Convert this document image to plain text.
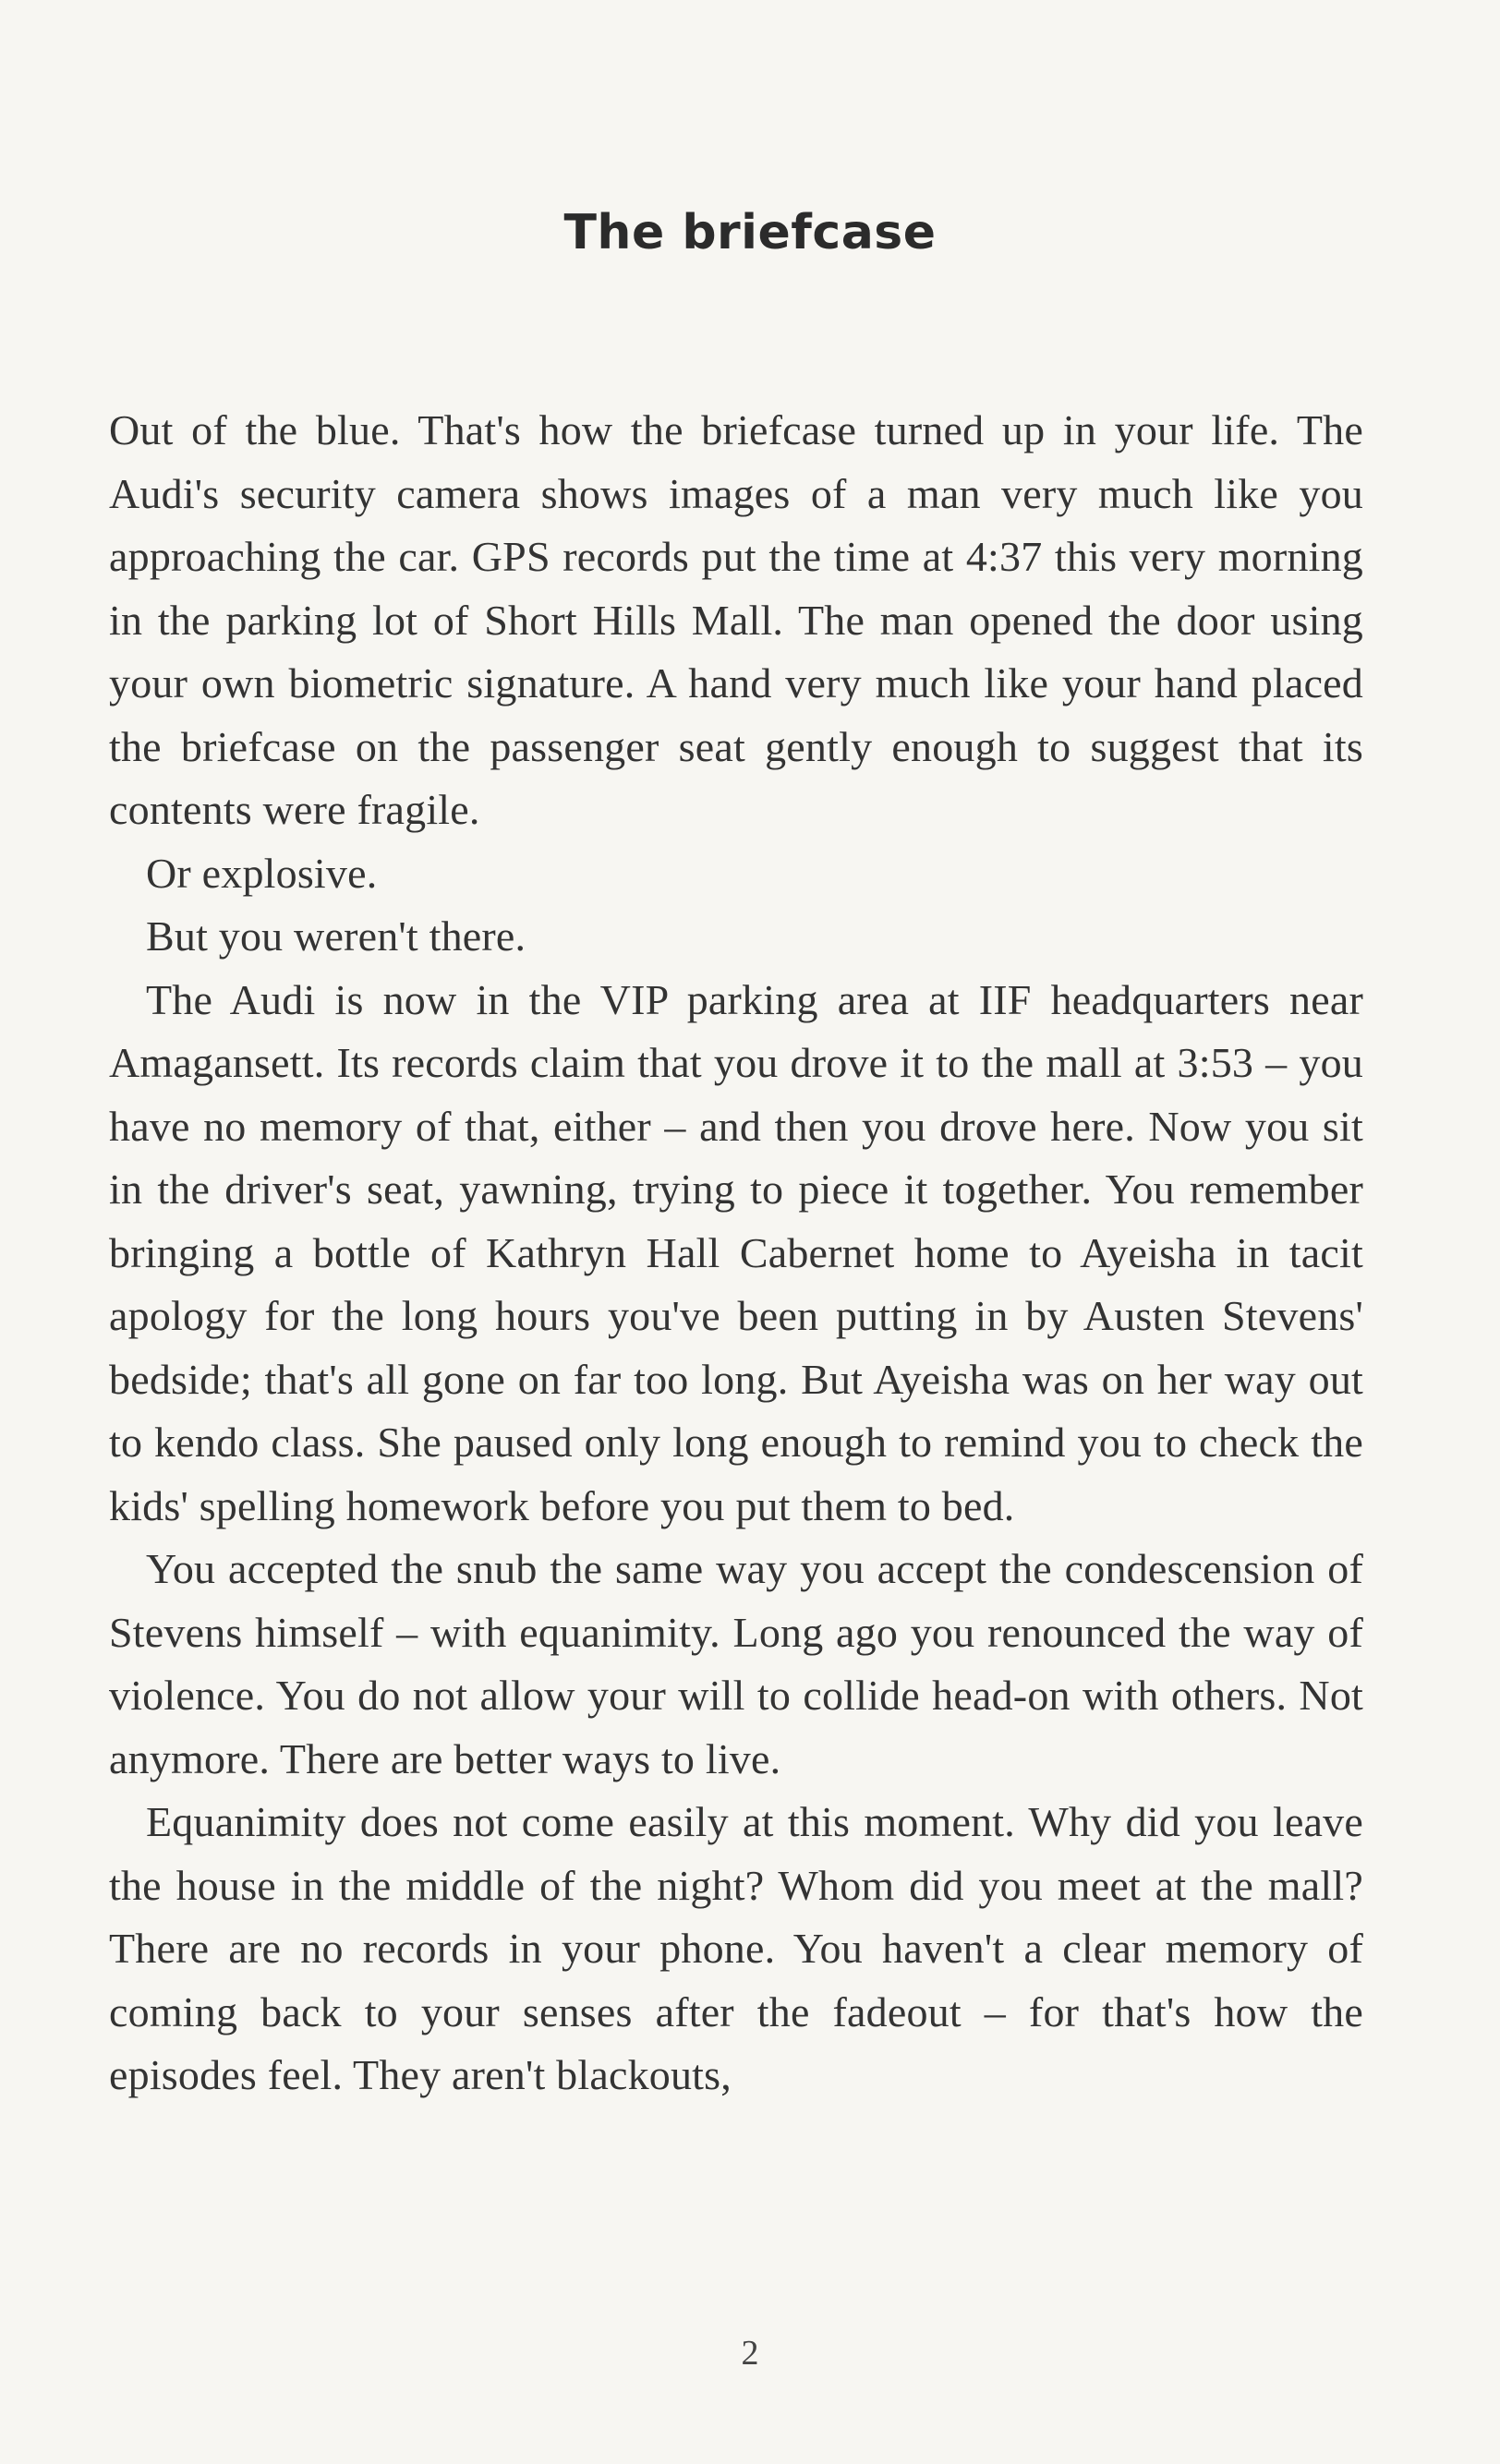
The briefcase

Out of the blue. That's how the briefcase turned up in your life. The Audi's security camera shows images of a man very much like you approaching the car. GPS records put the time at 4:37 this very morning in the parking lot of Short Hills Mall. The man opened the door using your own biometric signature. A hand very much like your hand placed the briefcase on the passenger seat gently enough to suggest that its contents were fragile.

Or explosive.

But you weren't there.

The Audi is now in the VIP parking area at IIF headquarters near Amagansett. Its records claim that you drove it to the mall at 3:53 – you have no memory of that, either – and then you drove here. Now you sit in the driver's seat, yawning, trying to piece it together. You remember bringing a bottle of Kathryn Hall Cabernet home to Ayeisha in tacit apology for the long hours you've been putting in by Austen Stevens' bedside; that's all gone on far too long. But Ayeisha was on her way out to kendo class. She paused only long enough to remind you to check the kids' spelling homework before you put them to bed.

You accepted the snub the same way you accept the condescension of Stevens himself – with equanimity. Long ago you renounced the way of violence. You do not allow your will to collide head-on with others. Not anymore. There are better ways to live.

Equanimity does not come easily at this moment. Why did you leave the house in the middle of the night? Whom did you meet at the mall? There are no records in your phone. You haven't a clear memory of coming back to your senses after the fadeout – for that's how the episodes feel. They aren't blackouts,

2
